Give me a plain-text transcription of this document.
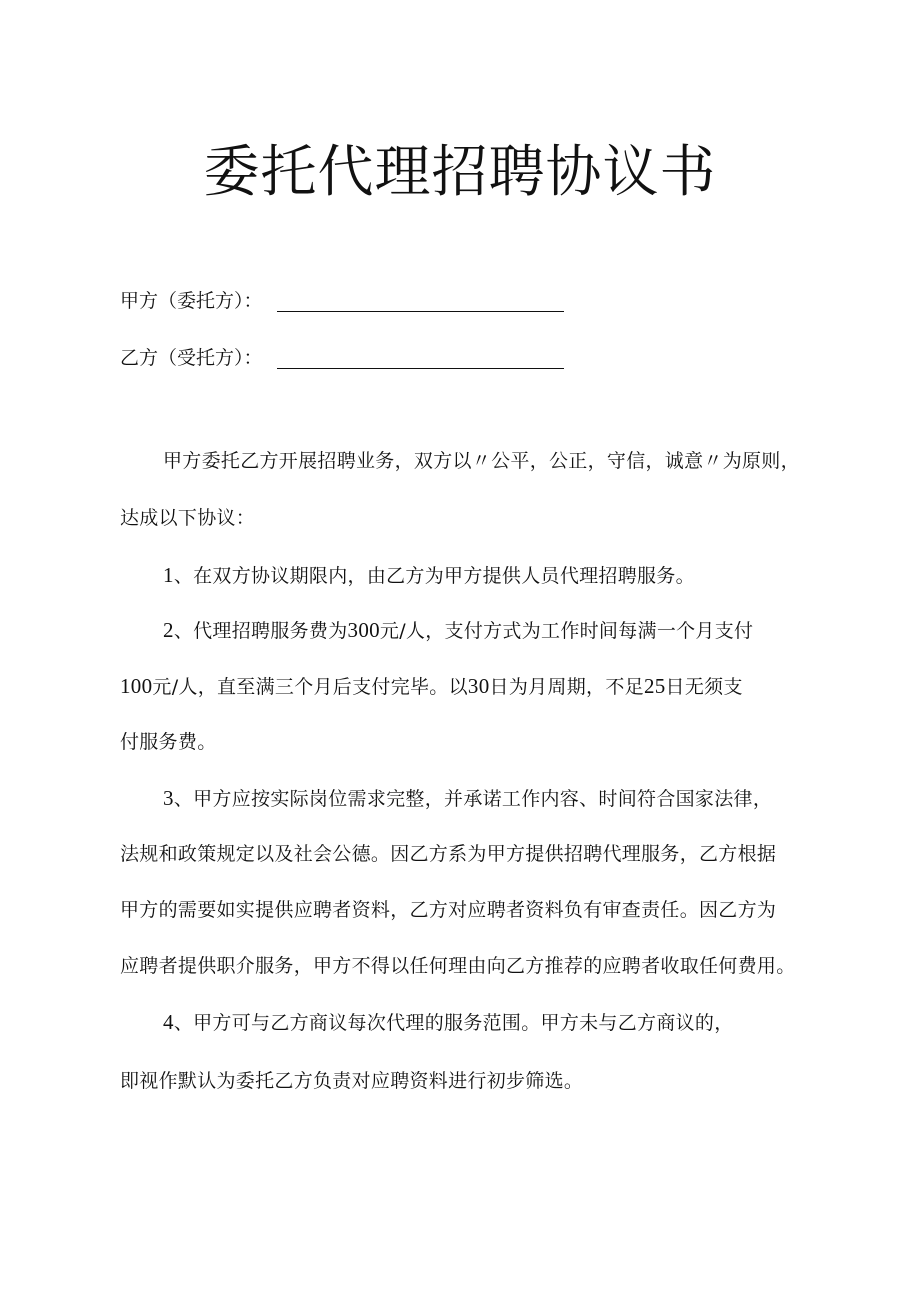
委托代理招聘协议书
甲方（委托方）：
乙方（受托方）：
甲方委托乙方开展招聘业务，双方以〃公平，公正，守信，诚意〃为原则，
达成以下协议：
1、在双方协议期限内，由乙方为甲方提供人员代理招聘服务。
2、代理招聘服务费为300元/人，支付方式为工作时间每满一个月支付
100元/人，直至满三个月后支付完毕。以30日为月周期，不足25日无须支
付服务费。
3、甲方应按实际岗位需求完整，并承诺工作内容、时间符合国家法律，
法规和政策规定以及社会公德。因乙方系为甲方提供招聘代理服务，乙方根据
甲方的需要如实提供应聘者资料，乙方对应聘者资料负有审查责任。因乙方为
应聘者提供职介服务，甲方不得以任何理由向乙方推荐的应聘者收取任何费用。
4、甲方可与乙方商议每次代理的服务范围。甲方未与乙方商议的，
即视作默认为委托乙方负责对应聘资料进行初步筛选。
